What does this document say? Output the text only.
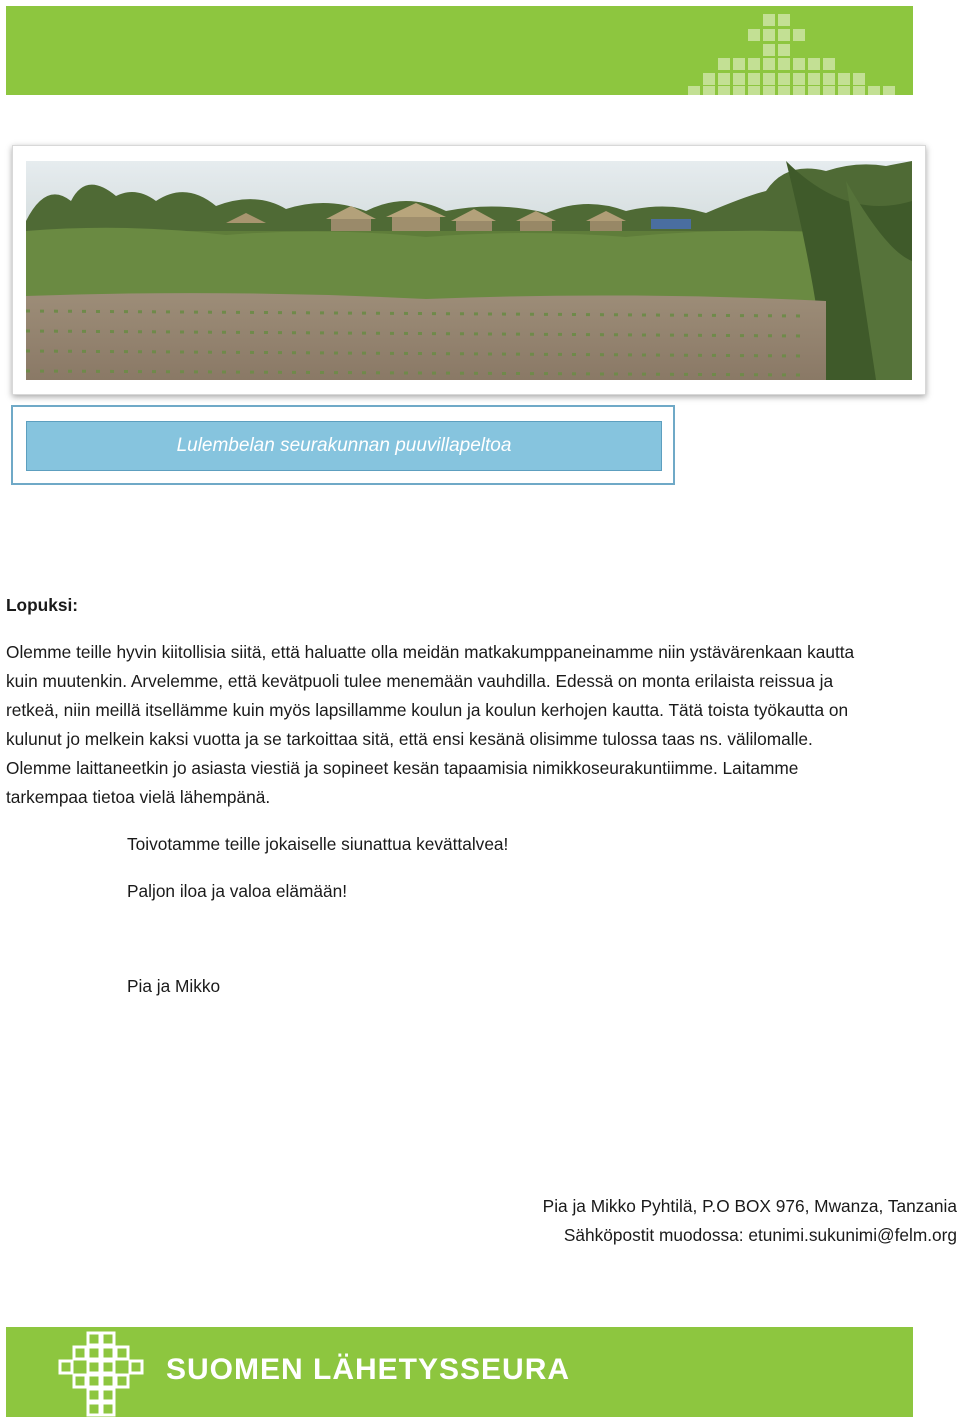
Lulembelan seurakunnan puuvillapeltoa
Lopuksi:
Olemme teille hyvin kiitollisia siitä, että haluatte olla meidän matkakumppaneinamme niin ystävärenkaan kautta
kuin muutenkin. Arvelemme, että kevätpuoli tulee menemään vauhdilla. Edessä on monta erilaista reissua ja
retkeä, niin meillä itsellämme kuin myös lapsillamme koulun ja koulun kerhojen kautta. Tätä toista työkautta on
kulunut jo melkein kaksi vuotta ja se tarkoittaa sitä, että ensi kesänä olisimme tulossa taas ns. välilomalle.
Olemme laittaneetkin jo asiasta viestiä ja sopineet kesän tapaamisia nimikkoseurakuntiimme. Laitamme
tarkempaa tietoa vielä lähempänä.
Toivotamme teille jokaiselle siunattua kevättalvea!
Paljon iloa ja valoa elämään!
Pia ja Mikko
Pia ja Mikko Pyhtilä, P.O BOX 976, Mwanza, Tanzania
Sähköpostit muodossa: etunimi.sukunimi@felm.org
SUOMEN LÄHETYSSEURA
